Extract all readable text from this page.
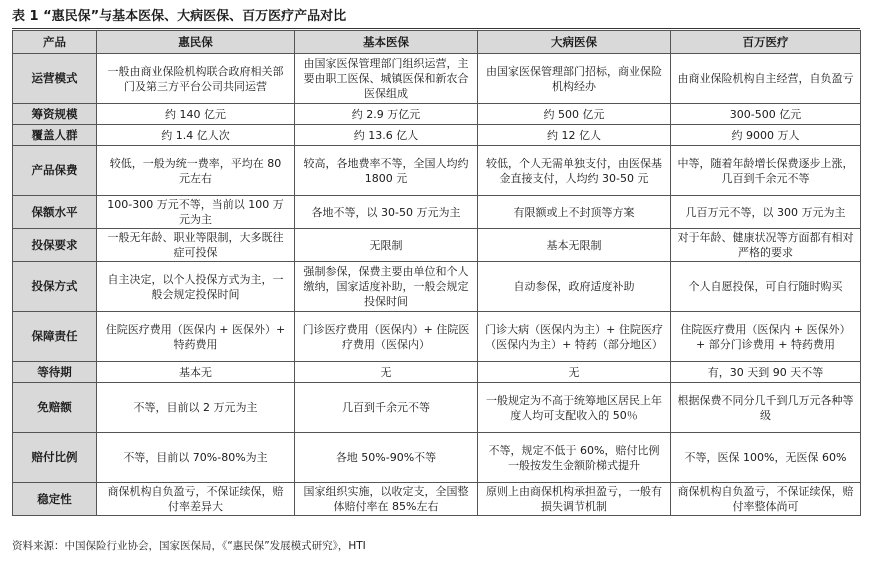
表 1 “惠民保”与基本医保、大病医保、百万医疗产品对比
产品	惠民保	基本医保	大病医保	百万医疗
运营模式	一般由商业保险机构联合政府相关部门及第三方平台公司共同运营	由国家医保管理部门组织运营，主要由职工医保、城镇医保和新农合医保组成	由国家医保管理部门招标，商业保险机构经办	由商业保险机构自主经营，自负盈亏
筹资规模	约 140 亿元	约 2.9 万亿元	约 500 亿元	300-500 亿元
覆盖人群	约 1.4 亿人次	约 13.6 亿人	约 12 亿人	约 9000 万人
产品保费	较低，一般为统一费率，平均在 80 元左右	较高，各地费率不等，全国人均约 1800 元	较低，个人无需单独支付，由医保基金直接支付，人均约 30-50 元	中等，随着年龄增长保费逐步上涨，几百到千余元不等
保额水平	100-300 万元不等，当前以 100 万元为主	各地不等，以 30-50 万元为主	有限额或上不封顶等方案	几百万元不等，以 300 万元为主
投保要求	一般无年龄、职业等限制，大多既往症可投保	无限制	基本无限制	对于年龄、健康状况等方面都有相对严格的要求
投保方式	自主决定，以个人投保方式为主，一般会规定投保时间	强制参保，保费主要由单位和个人缴纳，国家适度补助，一般会规定投保时间	自动参保，政府适度补助	个人自愿投保，可自行随时购买
保障责任	住院医疗费用（医保内 + 医保外）+ 特药费用	门诊医疗费用（医保内）+ 住院医疗费用（医保内）	门诊大病（医保内为主）+ 住院医疗（医保内为主）+ 特药（部分地区）	住院医疗费用（医保内 + 医保外）+ 部分门诊费用 + 特药费用
等待期	基本无	无	无	有，30 天到 90 天不等
免赔额	不等，目前以 2 万元为主	几百到千余元不等	一般规定为不高于统筹地区居民上年度人均可支配收入的 50％	根据保费不同分几千到几万元各种等级
赔付比例	不等，目前以 70%-80%为主	各地 50%-90%不等	不等，规定不低于 60%，赔付比例一般按发生金额阶梯式提升	不等，医保 100%，无医保 60%
稳定性	商保机构自负盈亏，不保证续保，赔付率差异大	国家组织实施，以收定支，全国整体赔付率在 85%左右	原则上由商保机构承担盈亏，一般有损失调节机制	商保机构自负盈亏，不保证续保，赔付率整体尚可
资料来源：中国保险行业协会，国家医保局，《“惠民保”发展模式研究》，HTI
